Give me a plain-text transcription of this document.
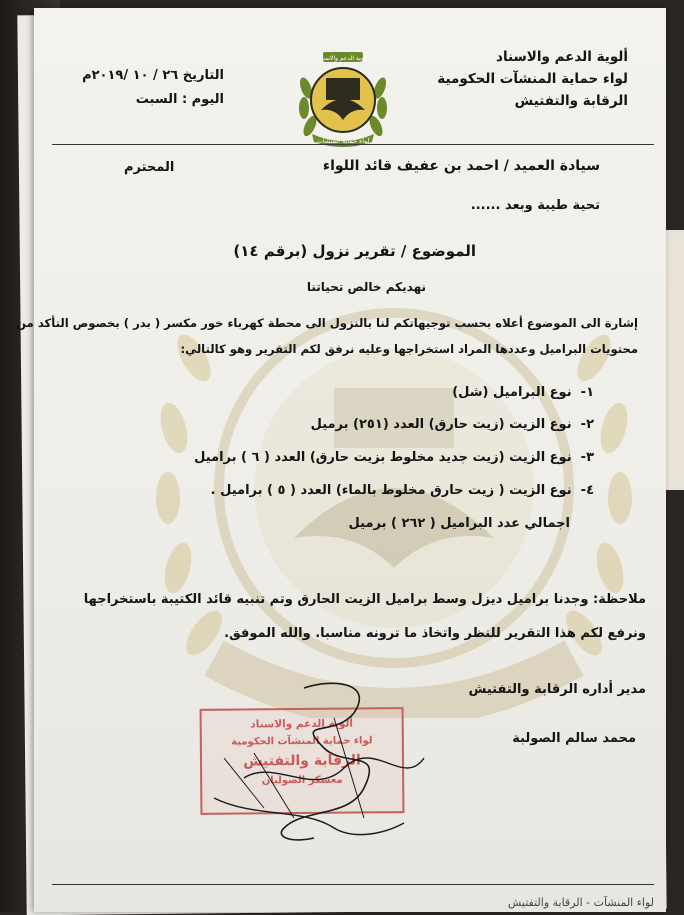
ألوية الدعم والاسناد
لواء حماية المنشآت الحكومية
الرقابة والتفتيش
ألوية الدعم والاسناد
لواء حماية المنشآت
التاريخ ٢٦ / ١٠ /٢٠١٩م
اليوم : السبت
سيادة العميد / احمد بن عفيف قائد اللواء
المحترم
تحية طيبة وبعد ......
الموضوع / تقرير نزول (برقم ١٤)
نهديكم خالص تحياتنا
إشارة الى الموضوع أعلاه بحسب توجيهاتكم لنا بالنزول الى محطة كهرباء خور مكسر ( بدر ) بخصوص التأكد من
محتويات البراميل وعددها المراد استخراجها وعليه نرفق لكم التقرير وهو كالتالي:
١-  نوع البراميل (شل)
٢-  نوع الزيت (زيت حارق) العدد (٢٥١) برميل
٣-  نوع الزيت (زيت جديد مخلوط بزيت حارق) العدد ( ٦ ) براميل
٤-  نوع الزيت ( زيت حارق مخلوط بالماء) العدد ( ٥ ) براميل .
اجمالي عدد البراميل ( ٢٦٢ ) برميل
ملاحظة: وجدنا براميل ديزل وسط براميل الزيت الحارق وتم تنبيه قائد الكتيبة باستخراجها
ونرفع لكم هذا التقرير للنظر واتخاذ ما ترونه مناسبا. والله الموفق.
مدير أداره الرقابة والتفتيش
محمد سالم الصولبة
ألوية الدعم والاسناد
لواء حماية المنشآت الحكومية
الرقابة والتفتيش
معسكر الصولبان
لواء المنشآت - الرقابة والتفتيش
